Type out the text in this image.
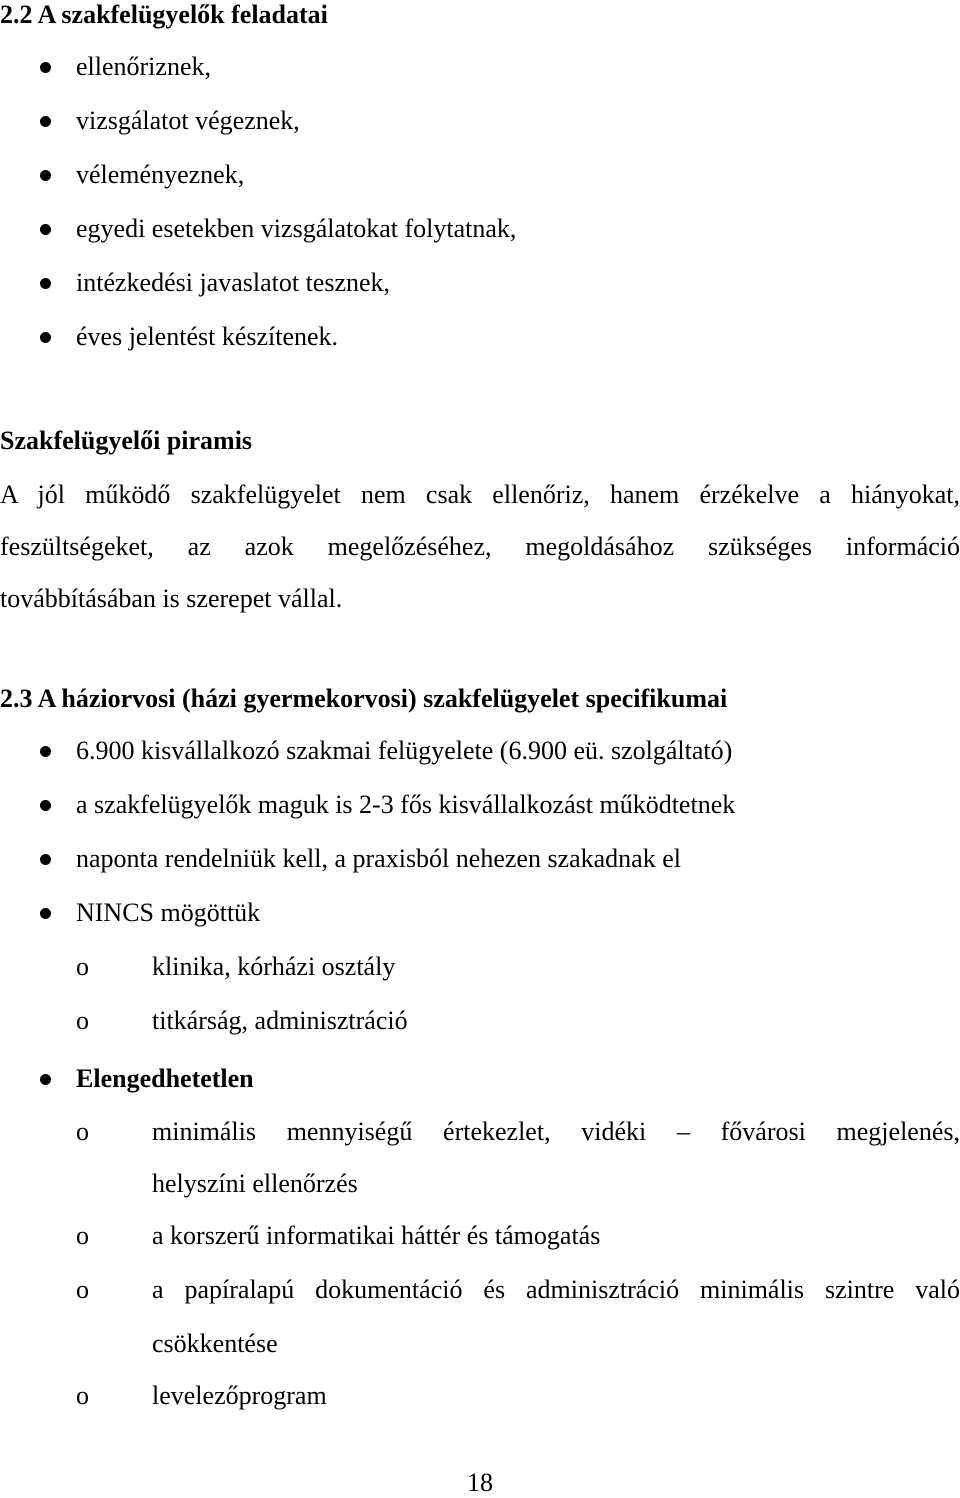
2.2 A szakfelügyelők feladatai
ellenőriznek,
vizsgálatot végeznek,
véleményeznek,
egyedi esetekben vizsgálatokat folytatnak,
intézkedési javaslatot tesznek,
éves jelentést készítenek.
Szakfelügyelői piramis
A jól működő szakfelügyelet nem csak ellenőriz, hanem érzékelve a hiányokat,
feszültségeket, az azok megelőzéséhez, megoldásához szükséges információ
továbbításában is szerepet vállal.
2.3 A háziorvosi (házi gyermekorvosi) szakfelügyelet specifikumai
6.900 kisvállalkozó szakmai felügyelete (6.900 eü. szolgáltató)
a szakfelügyelők maguk is 2-3 fős kisvállalkozást működtetnek
naponta rendelniük kell, a praxisból nehezen szakadnak el
NINCS mögöttük
o klinika, kórházi osztály
o titkárság, adminisztráció
Elengedhetetlen
o minimális mennyiségű értekezlet, vidéki – fővárosi megjelenés,
helyszíni ellenőrzés
o a korszerű informatikai háttér és támogatás
o a papíralapú dokumentáció és adminisztráció minimális szintre való
csökkentése
o levelezőprogram
18
